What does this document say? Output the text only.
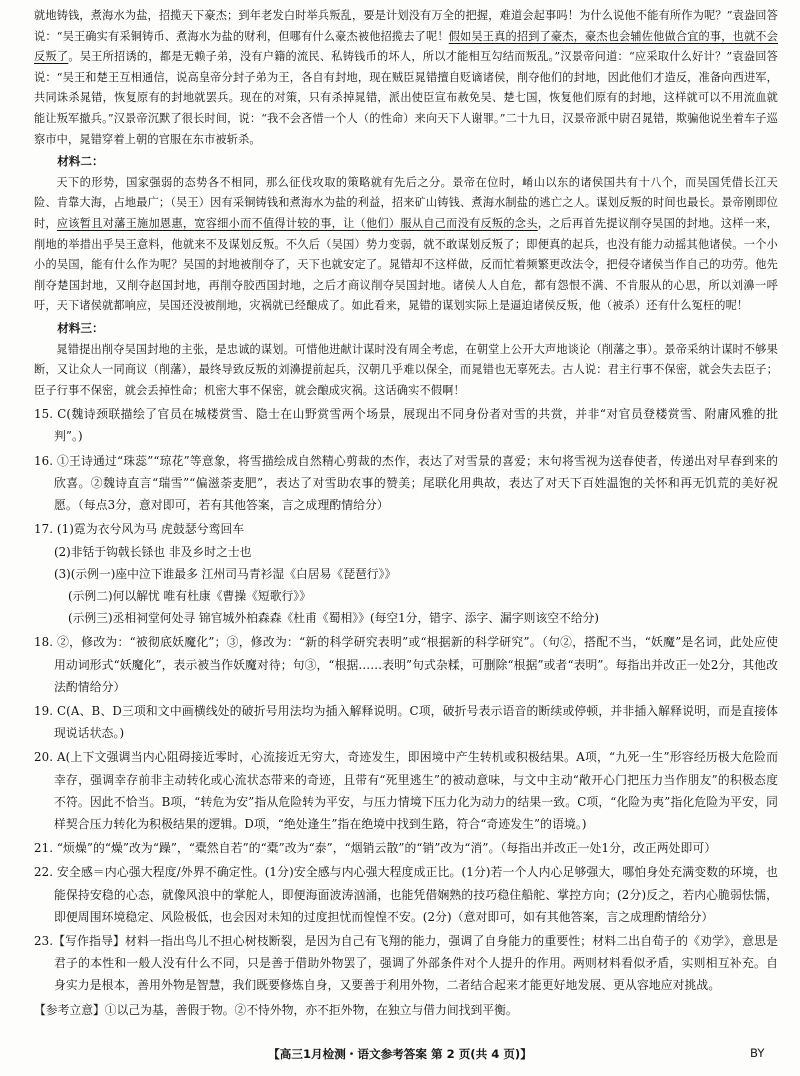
就地铸钱，煮海水为盐，招揽天下豪杰；到年老发白时举兵叛乱，要是计划没有万全的把握，难道会起事吗！为什么说他不能有所作为呢？”袁盎回答说：“吴王确实有采铜铸币、煮海水为盐的财利，但哪有什么豪杰被他招揽去了呢！假如吴王真的招到了豪杰，豪杰也会辅佐他做合宜的事，也就不会反叛了。吴王所招诱的，都是无赖子弟，没有户籍的流民、私铸钱币的坏人，所以才能相互勾结而叛乱。”汉景帝问道：“应采取什么好计？”袁盎回答说：“吴王和楚王互相通信，说高皇帝分封子弟为王，各自有封地，现在贼臣晁错擅自贬谪诸侯，削夺他们的封地，因此他们才造反，准备向西进军，共同诛杀晁错，恢复原有的封地就罢兵。现在的对策，只有杀掉晁错，派出使臣宣布赦免吴、楚七国，恢复他们原有的封地，这样就可以不用流血就能让叛军撤兵。”汉景帝沉默了很长时间，说：“我不会吝惜一个人（的性命）来向天下人谢罪。”二十九日，汉景帝派中尉召晁错，欺骗他说坐着车子巡察市中，晁错穿着上朝的官服在东市被斩杀。

材料二：

天下的形势，国家强弱的态势各不相同，那么征伐攻取的策略就有先后之分。景帝在位时，崤山以东的诸侯国共有十八个，而吴国凭借长江天险、肯靠大海，占地最广；（吴王）因有采铜铸钱和煮海水为盐的利益，招来矿山铸钱、煮海水制盐的逃亡之人。谋划反叛的时间也最长。景帝刚即位时，应该暂且对藩王施加恩惠，宽容细小而不值得计较的事，让（他们）服从自己而没有反叛的念头，之后再首先提议削夺吴国的封地。这样一来，削地的举措出乎吴王意料，他就来不及谋划反叛。不久后（吴国）势力变弱，就不敢谋划反叛了；即便真的起兵，也没有能力动摇其他诸侯。一个小小的吴国，能有什么作为呢？吴国的封地被削夺了，天下也就安定了。晁错却不这样做，反而忙着频繁更改法令，把侵夺诸侯当作自己的功劳。他先削夺楚国封地，又削夺赵国封地，再削夺胶西国封地，之后才商议削夺吴国封地。诸侯人人自危，都有怨恨不满、不肯服从的心思，所以刘濞一呼吁，天下诸侯就都响应，吴国还没被削地，灾祸就已经酿成了。如此看来，晁错的谋划实际上是逼迫诸侯反叛，他（被杀）还有什么冤枉的呢！

材料三：

晁错提出削夺吴国封地的主张，是忠诚的谋划。可惜他进献计谋时没有周全考虑，在朝堂上公开大声地谈论（削藩之事）。景帝采纳计谋时不够果断，又让众人一同商议（削藩），最终导致反叛的刘濞提前起兵，汉朝几乎难以保全，而晁错也无辜死去。古人说：君主行事不保密，就会失去臣子；臣子行事不保密，就会丢掉性命；机密大事不保密，就会酿成灾祸。这话确实不假啊！

15. C(魏诗颈联描绘了官员在城楼赏雪、隐士在山野赏雪两个场景，展现出不同身份者对雪的共赏，并非“对官员登楼赏雪、附庸风雅的批判”。)

16. ①王诗通过“珠蕊”“琼花”等意象，将雪描绘成自然精心剪裁的杰作，表达了对雪景的喜爱；末句将雪视为送春使者，传递出对早春到来的欣喜。②魏诗直言“瑞雪”“偏滋荼麦肥”，表达了对雪助农事的赞美；尾联化用典故，表达了对天下百姓温饱的关怀和再无饥荒的美好祝愿。（每点3分，意对即可，若有其他答案，言之成理酌情给分）

17. (1)霓为衣兮风为马 虎鼓瑟兮鸾回车

(2)非铦于钩戟长铩也 非及乡时之士也

(3)(示例一)座中泣下谁最多 江州司马青衫湿《白居易《琵琶行》》

(示例二)何以解忧 唯有杜康《曹操《短歌行》》

(示例三)丞相祠堂何处寻 锦官城外柏森森《杜甫《蜀相》》(每空1分，错字、添字、漏字则该空不给分)

18. ②，修改为：“被彻底妖魔化”；③，修改为：“新的科学研究表明”或“根据新的科学研究”。（句②，搭配不当，“妖魔”是名词，此处应使用动词形式“妖魔化”，表示被当作妖魔对待；句③，“根据……表明”句式杂糅，可删除“根据”或者“表明”。每指出并改正一处2分，其他改法酌情给分）

19. C(A、B、D三项和文中画横线处的破折号用法均为插入解释说明。C项，破折号表示语音的断续或停顿，并非插入解释说明，而是直接体现说话状态。)

20. A(上下文强调当内心阻碍接近零时，心流接近无穷大，奇迹发生，即困境中产生转机或积极结果。A项，“九死一生”形容经历极大危险而幸存，强调幸存前非主动转化或心流状态带来的奇迹，且带有“死里逃生”的被动意味，与文中主动“敞开心门把压力当作朋友”的积极态度不符。因此不恰当。B项，“转危为安”指从危险转为平安，与压力情境下压力化为动力的结果一致。C项，“化险为夷”指化危险为平安，同样契合压力转化为积极结果的逻辑。D项，“绝处逢生”指在绝境中找到生路，符合“奇迹发生”的语境。)

21. “烦燥”的“燥”改为“躁”，“橐然自若”的“橐”改为“泰”，“烟销云散”的“销”改为“消”。（每指出并改正一处1分，改正两处即可）

22. 安全感＝内心强大程度/外界不确定性。(1分)安全感与内心强大程度成正比。(1分)若一个人内心足够强大，哪怕身处充满变数的环境，也能保持安稳的心态，就像风浪中的掌舵人，即便海面波涛汹涌，也能凭借娴熟的技巧稳住船舵、掌控方向；(2分)反之，若内心脆弱怯懦，即便周围环境稳定、风险极低，也会因对未知的过度担忧而惶惶不安。(2分)（意对即可，如有其他答案，言之成理酌情给分）

23.【写作指导】材料一指出鸟儿不担心树枝断裂，是因为自己有飞翔的能力，强调了自身能力的重要性；材料二出自荀子的《劝学》，意思是君子的本性和一般人没有什么不同，只是善于借助外物罢了，强调了外部条件对个人提升的作用。两则材料看似矛盾，实则相互补充。自身实力是根本，善用外物是智慧，我们既要修炼自身，又要善于利用外物，二者结合起来才能更好地发展、更从容地应对挑战。

【参考立意】①以己为基，善假于物。②不恃外物，亦不拒外物，在独立与借力间找到平衡。

【高三1月检测・语文参考答案 第 2 页(共 4 页)】	BY
